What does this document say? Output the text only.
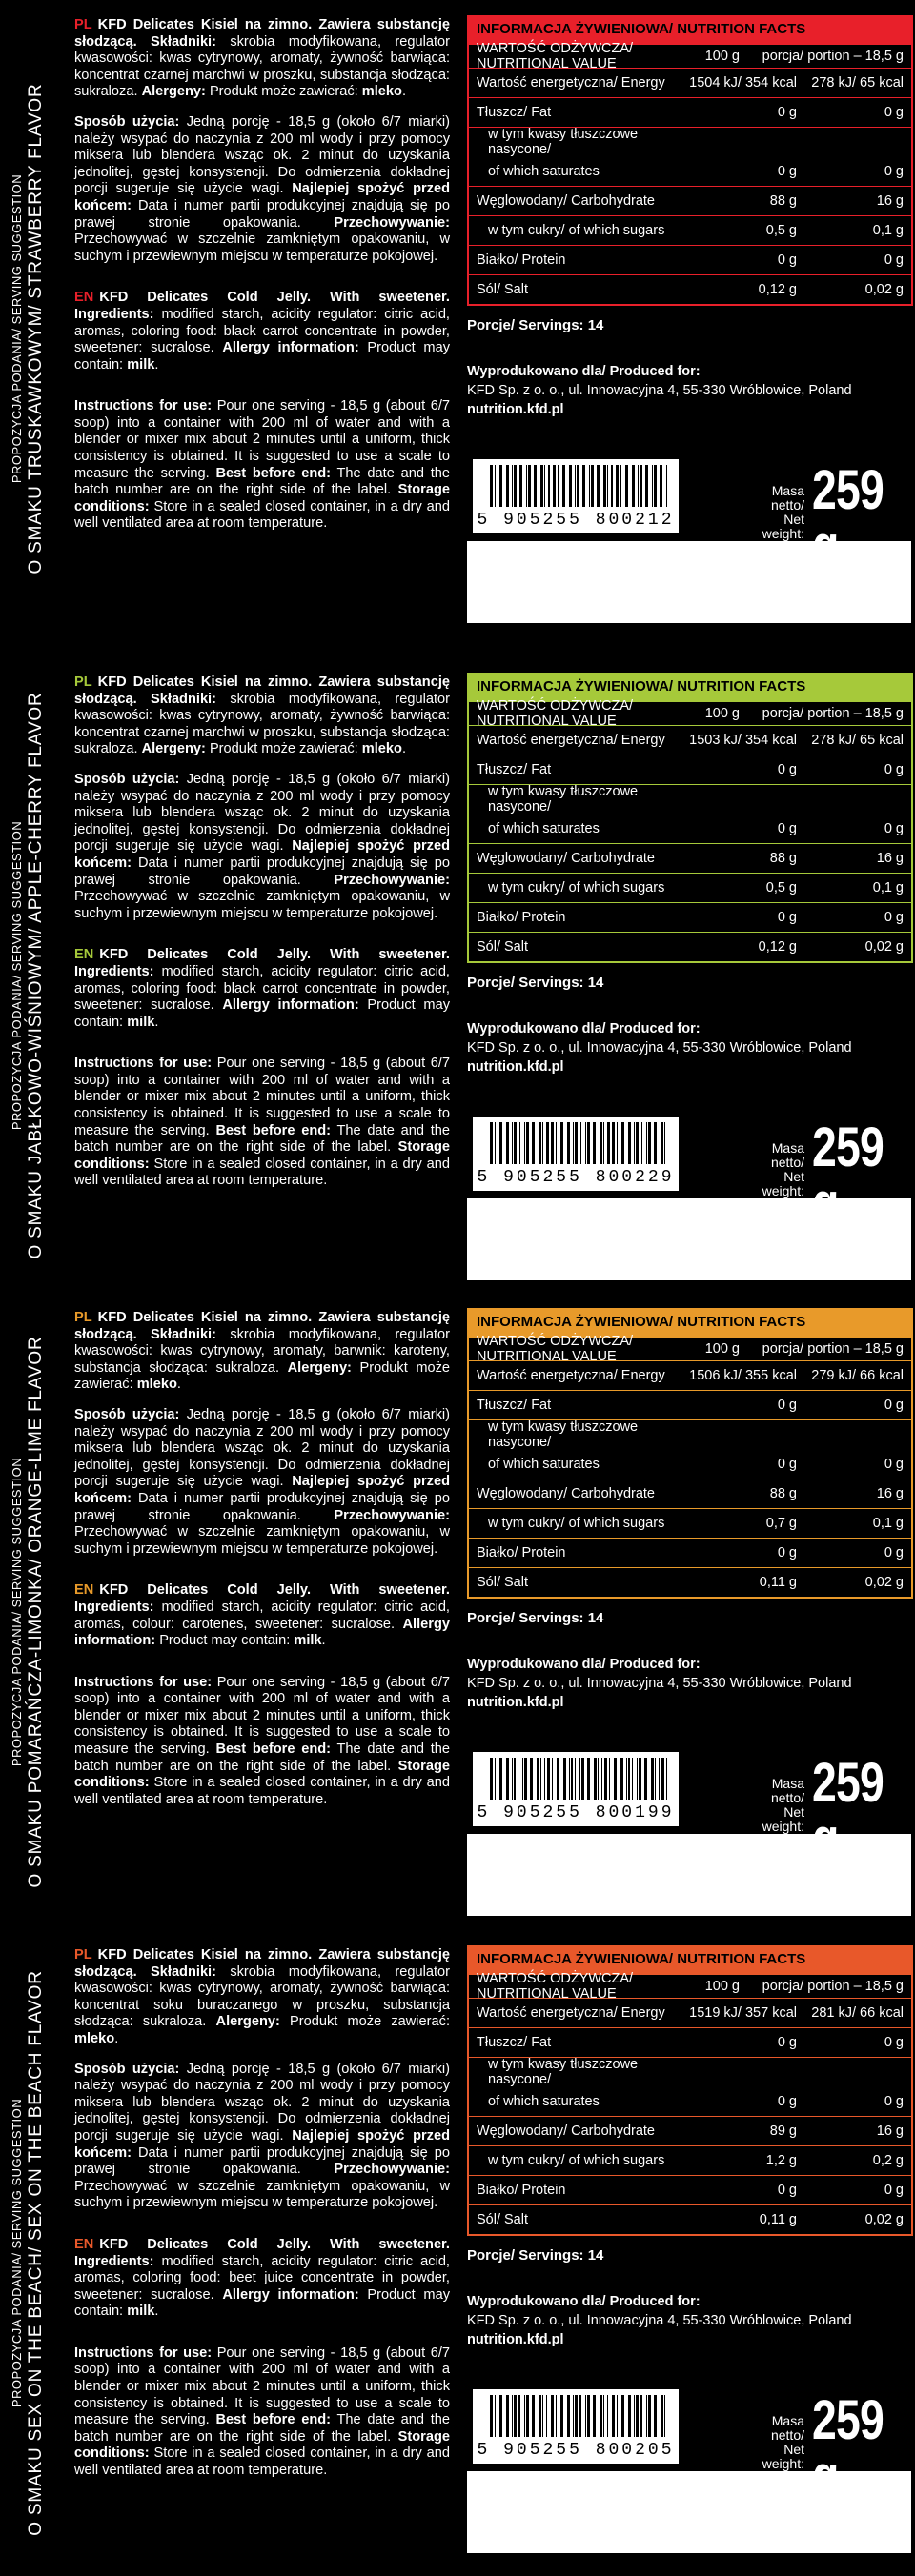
PROPOZYCJA PODANIA/ SERVING SUGGESTION O SMAKU TRUSKAWKOWYM/ STRAWBERRY FLAVOR

PL KFD Delicates Kisiel na zimno. Zawiera substancję słodzącą. Składniki: skrobia modyfikowana, regulator kwasowości: kwas cytrynowy, aromaty, żywność barwiąca: koncentrat czarnej marchwi w proszku, substancja słodząca: sukraloza. Alergeny: Produkt może zawierać: mleko.

Sposób użycia: Jedną porcję - 18,5 g (około 6/7 miarki) należy wsypać do naczynia z 200 ml wody i przy pomocy miksera lub blendera wsząc ok. 2 minut do uzyskania jednolitej, gęstej konsystencji. Do odmierzenia dokładnej porcji sugeruje się użycie wagi. Najlepiej spożyć przed końcem: Data i numer partii produkcyjnej znajdują się po prawej stronie opakowania. Przechowywanie: Przechowywać w szczelnie zamkniętym opakowaniu, w suchym i przewiewnym miejscu w temperaturze pokojowej.

EN KFD Delicates Cold Jelly. With sweetener. Ingredients: modified starch, acidity regulator: citric acid, aromas, coloring food: black carrot concentrate in powder, sweetener: sucralose. Allergy information: Product may contain: milk.

Instructions for use: Pour one serving - 18,5 g (about 6/7 soop) into a container with 200 ml of water and with a blender or mixer mix about 2 minutes until a uniform, thick consistency is obtained. It is suggested to use a scale to measure the serving. Best before end: The date and the batch number are on the right side of the label. Storage conditions: Store in a sealed closed container, in a dry and well ventilated area at room temperature.

INFORMACJA ŻYWIENIOWA/ NUTRITION FACTS
WARTOŚĆ ODŻYWCZA/ NUTRITIONAL VALUE	100 g	porcja/ portion – 18,5 g
Wartość energetyczna/ Energy	1504 kJ/ 354 kcal	278 kJ/ 65 kcal
Tłuszcz/ Fat	0 g	0 g
w tym kwasy tłuszczowe nasycone/
of which saturates	0 g	0 g
Węglowodany/ Carbohydrate	88 g	16 g
w tym cukry/ of which sugars	0,5 g	0,1 g
Białko/ Protein	0 g	0 g
Sól/ Salt	0,12 g	0,02 g
Porcje/ Servings: 14
Wyprodukowano dla/ Produced for:
KFD Sp. z o. o., ul. Innowacyjna 4, 55-330 Wróblowice, Poland
nutrition.kfd.pl
5 905255 800212
Masa netto/
Net weight:
259
PROPOZYCJA PODANIA/ SERVING SUGGESTION O SMAKU JABŁKOWO-WIŚNIOWYM/ APPLE-CHERRY FLAVOR

PL KFD Delicates Kisiel na zimno. Zawiera substancję słodzącą. Składniki: skrobia modyfikowana, regulator kwasowości: kwas cytrynowy, aromaty, żywność barwiąca: koncentrat czarnej marchwi w proszku, substancja słodząca: sukraloza. Alergeny: Produkt może zawierać: mleko.

Sposób użycia: Jedną porcję - 18,5 g (około 6/7 miarki) należy wsypać do naczynia z 200 ml wody i przy pomocy miksera lub blendera wsząc ok. 2 minut do uzyskania jednolitej, gęstej konsystencji. Do odmierzenia dokładnej porcji sugeruje się użycie wagi. Najlepiej spożyć przed końcem: Data i numer partii produkcyjnej znajdują się po prawej stronie opakowania. Przechowywanie: Przechowywać w szczelnie zamkniętym opakowaniu, w suchym i przewiewnym miejscu w temperaturze pokojowej.

EN KFD Delicates Cold Jelly. With sweetener. Ingredients: modified starch, acidity regulator: citric acid, aromas, coloring food: black carrot concentrate in powder, sweetener: sucralose. Allergy information: Product may contain: milk.

Instructions for use: Pour one serving - 18,5 g (about 6/7 soop) into a container with 200 ml of water and with a blender or mixer mix about 2 minutes until a uniform, thick consistency is obtained. It is suggested to use a scale to measure the serving. Best before end: The date and the batch number are on the right side of the label. Storage conditions: Store in a sealed closed container, in a dry and well ventilated area at room temperature.

INFORMACJA ŻYWIENIOWA/ NUTRITION FACTS
WARTOŚĆ ODŻYWCZA/ NUTRITIONAL VALUE	100 g	porcja/ portion – 18,5 g
Wartość energetyczna/ Energy	1503 kJ/ 354 kcal	278 kJ/ 65 kcal
Tłuszcz/ Fat	0 g	0 g
w tym kwasy tłuszczowe nasycone/
of which saturates	0 g	0 g
Węglowodany/ Carbohydrate	88 g	16 g
w tym cukry/ of which sugars	0,5 g	0,1 g
Białko/ Protein	0 g	0 g
Sól/ Salt	0,12 g	0,02 g
Porcje/ Servings: 14
Wyprodukowano dla/ Produced for:
KFD Sp. z o. o., ul. Innowacyjna 4, 55-330 Wróblowice, Poland
nutrition.kfd.pl
5 905255 800229
Masa netto/
Net weight:
259
PROPOZYCJA PODANIA/ SERVING SUGGESTION O SMAKU POMARAŃCZA-LIMONKA/ ORANGE-LIME FLAVOR

PL KFD Delicates Kisiel na zimno. Zawiera substancję słodzącą. Składniki: skrobia modyfikowana, regulator kwasowości: kwas cytrynowy, aromaty, barwnik: karoteny, substancja słodząca: sukraloza. Alergeny: Produkt może zawierać: mleko.

Sposób użycia: Jedną porcję - 18,5 g (około 6/7 miarki) należy wsypać do naczynia z 200 ml wody i przy pomocy miksera lub blendera wsząc ok. 2 minut do uzyskania jednolitej, gęstej konsystencji. Do odmierzenia dokładnej porcji sugeruje się użycie wagi. Najlepiej spożyć przed końcem: Data i numer partii produkcyjnej znajdują się po prawej stronie opakowania. Przechowywanie: Przechowywać w szczelnie zamkniętym opakowaniu, w suchym i przewiewnym miejscu w temperaturze pokojowej.

EN KFD Delicates Cold Jelly. With sweetener. Ingredients: modified starch, acidity regulator: citric acid, aromas, colour: carotenes, sweetener: sucralose. Allergy information: Product may contain: milk.

Instructions for use: Pour one serving - 18,5 g (about 6/7 soop) into a container with 200 ml of water and with a blender or mixer mix about 2 minutes until a uniform, thick consistency is obtained. It is suggested to use a scale to measure the serving. Best before end: The date and the batch number are on the right side of the label. Storage conditions: Store in a sealed closed container, in a dry and well ventilated area at room temperature.

INFORMACJA ŻYWIENIOWA/ NUTRITION FACTS
WARTOŚĆ ODŻYWCZA/ NUTRITIONAL VALUE	100 g	porcja/ portion – 18,5 g
Wartość energetyczna/ Energy	1506 kJ/ 355 kcal	279 kJ/ 66 kcal
Tłuszcz/ Fat	0 g	0 g
w tym kwasy tłuszczowe nasycone/
of which saturates	0 g	0 g
Węglowodany/ Carbohydrate	88 g	16 g
w tym cukry/ of which sugars	0,7 g	0,1 g
Białko/ Protein	0 g	0 g
Sól/ Salt	0,11 g	0,02 g
Porcje/ Servings: 14
Wyprodukowano dla/ Produced for:
KFD Sp. z o. o., ul. Innowacyjna 4, 55-330 Wróblowice, Poland
nutrition.kfd.pl
5 905255 800199
Masa netto/
Net weight:
259
PROPOZYCJA PODANIA/ SERVING SUGGESTION O SMAKU SEX ON THE BEACH/ SEX ON THE BEACH FLAVOR

PL KFD Delicates Kisiel na zimno. Zawiera substancję słodzącą. Składniki: skrobia modyfikowana, regulator kwasowości: kwas cytrynowy, aromaty, żywność barwiąca: koncentrat soku buraczanego w proszku, substancja słodząca: sukraloza. Alergeny: Produkt może zawierać: mleko.

Sposób użycia: Jedną porcję - 18,5 g (około 6/7 miarki) należy wsypać do naczynia z 200 ml wody i przy pomocy miksera lub blendera wsząc ok. 2 minut do uzyskania jednolitej, gęstej konsystencji. Do odmierzenia dokładnej porcji sugeruje się użycie wagi. Najlepiej spożyć przed końcem: Data i numer partii produkcyjnej znajdują się po prawej stronie opakowania. Przechowywanie: Przechowywać w szczelnie zamkniętym opakowaniu, w suchym i przewiewnym miejscu w temperaturze pokojowej.

EN KFD Delicates Cold Jelly. With sweetener. Ingredients: modified starch, acidity regulator: citric acid, aromas, coloring food: beet juice concentrate in powder, sweetener: sucralose. Allergy information: Product may contain: milk.

Instructions for use: Pour one serving - 18,5 g (about 6/7 soop) into a container with 200 ml of water and with a blender or mixer mix about 2 minutes until a uniform, thick consistency is obtained. It is suggested to use a scale to measure the serving. Best before end: The date and the batch number are on the right side of the label. Storage conditions: Store in a sealed closed container, in a dry and well ventilated area at room temperature.

INFORMACJA ŻYWIENIOWA/ NUTRITION FACTS
WARTOŚĆ ODŻYWCZA/ NUTRITIONAL VALUE	100 g	porcja/ portion – 18,5 g
Wartość energetyczna/ Energy	1519 kJ/ 357 kcal	281 kJ/ 66 kcal
Tłuszcz/ Fat	0 g	0 g
w tym kwasy tłuszczowe nasycone/
of which saturates	0 g	0 g
Węglowodany/ Carbohydrate	89 g	16 g
w tym cukry/ of which sugars	1,2 g	0,2 g
Białko/ Protein	0 g	0 g
Sól/ Salt	0,11 g	0,02 g
Porcje/ Servings: 14
Wyprodukowano dla/ Produced for:
KFD Sp. z o. o., ul. Innowacyjna 4, 55-330 Wróblowice, Poland
nutrition.kfd.pl
5 905255 800205
Masa netto/
Net weight:
259
